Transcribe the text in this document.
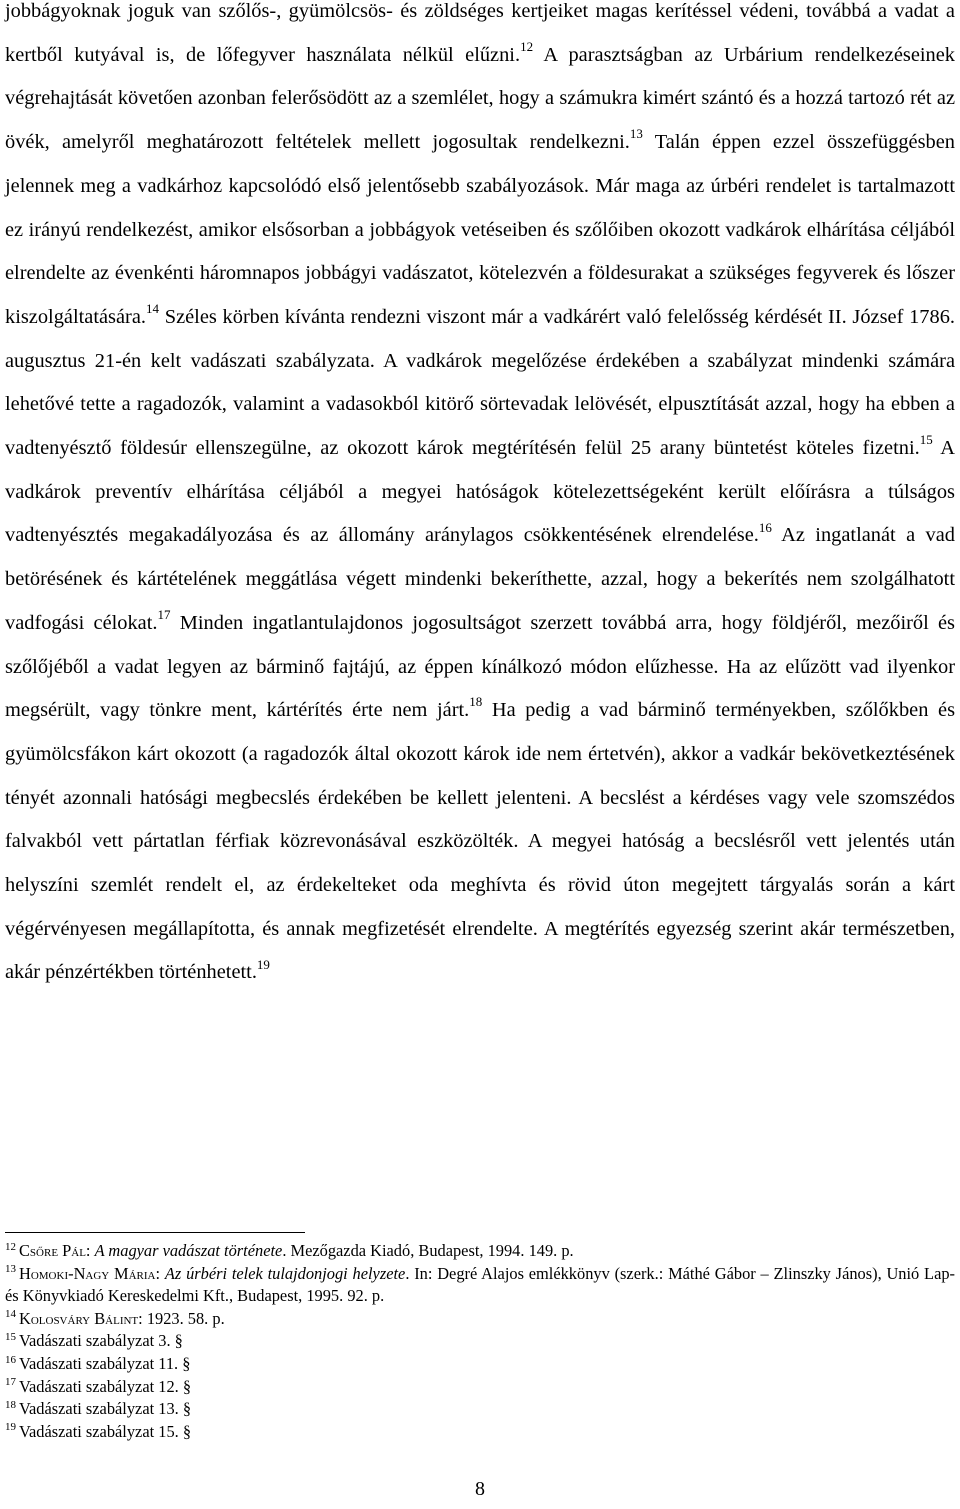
jobbágyoknak joguk van szőlős-, gyümölcsös- és zöldséges kertjeiket magas kerítéssel védeni, továbbá a vadat a kertből kutyával is, de lőfegyver használata nélkül elűzni.$^{12}$ A parasztságban az Urbárium rendelkezéseinek végrehajtását követően azonban felerősödött az a szemlélet, hogy a számukra kimért szántó és a hozzá tartozó rét az övék, amelyről meghatározott feltételek mellett jogosultak rendelkezni.$^{13}$ Talán éppen ezzel összefüggésben jelennek meg a vadkárhoz kapcsolódó első jelentősebb szabályozások. Már maga az úrbéri rendelet is tartalmazott ez irányú rendelkezést, amikor elsősorban a jobbágyok vetéseiben és szőlőiben okozott vadkárok elhárítása céljából elrendelte az évenkénti háromnapos jobbágyi vadászatot, kötelezvén a földesurakat a szükséges fegyverek és lőszer kiszolgáltatására.$^{14}$ Széles körben kívánta rendezni viszont már a vadkárért való felelősség kérdését II. József 1786. augusztus 21-én kelt vadászati szabályzata. A vadkárok megelőzése érdekében a szabályzat mindenki számára lehetővé tette a ragadozók, valamint a vadasokból kitörő sörtevadak lelövését, elpusztítását azzal, hogy ha ebben a vadtenyésztő földesúr ellenszegülne, az okozott károk megtérítésén felül 25 arany büntetést köteles fizetni.$^{15}$ A vadkárok preventív elhárítása céljából a megyei hatóságok kötelezettségeként került előírásra a túlságos vadtenyésztés megakadályozása és az állomány aránylagos csökkentésének elrendelése.$^{16}$ Az ingatlanát a vad betörésének és kártételének meggátlása végett mindenki bekeríthette, azzal, hogy a bekerítés nem szolgálhatott vadfogási célokat.$^{17}$ Minden ingatlantulajdonos jogosultságot szerzett továbbá arra, hogy földjéről, mezőiről és szőlőjéből a vadat legyen az bárminő fajtájú, az éppen kínálkozó módon elűzhesse. Ha az elűzött vad ilyenkor megsérült, vagy tönkre ment, kártérítés érte nem járt.$^{18}$ Ha pedig a vad bárminő terményekben, szőlőkben és gyümölcsfákon kárt okozott (a ragadozók által okozott károk ide nem értetvén), akkor a vadkár bekövetkeztésének tényét azonnali hatósági megbecslés érdekében be kellett jelenteni. A becslést a kérdéses vagy vele szomszédos falvakból vett pártatlan férfiak közrevonásával eszközölték. A megyei hatóság a becslésről vett jelentés után helyszíni szemlét rendelt el, az érdekelteket oda meghívta és rövid úton megejtett tárgyalás során a kárt végérvényesen megállapította, és annak megfizetését elrendelte. A megtérítés egyezség szerint akár természetben, akár pénzértékben történhetett.$^{19}$

$^{12}$ Csőre Pál: A magyar vadászat története. Mezőgazda Kiadó, Budapest, 1994. 149. p.

$^{13}$ Homoki-Nagy Mária: Az úrbéri telek tulajdonjogi helyzete. In: Degré Alajos emlékkönyv (szerk.: Máthé Gábor – Zlinszky János), Unió Lap- és Könyvkiadó Kereskedelmi Kft., Budapest, 1995. 92. p.

$^{14}$ Kolosváry Bálint: 1923. 58. p.

$^{15}$ Vadászati szabályzat 3. §

$^{16}$ Vadászati szabályzat 11. §

$^{17}$ Vadászati szabályzat 12. §

$^{18}$ Vadászati szabályzat 13. §

$^{19}$ Vadászati szabályzat 15. §

8
